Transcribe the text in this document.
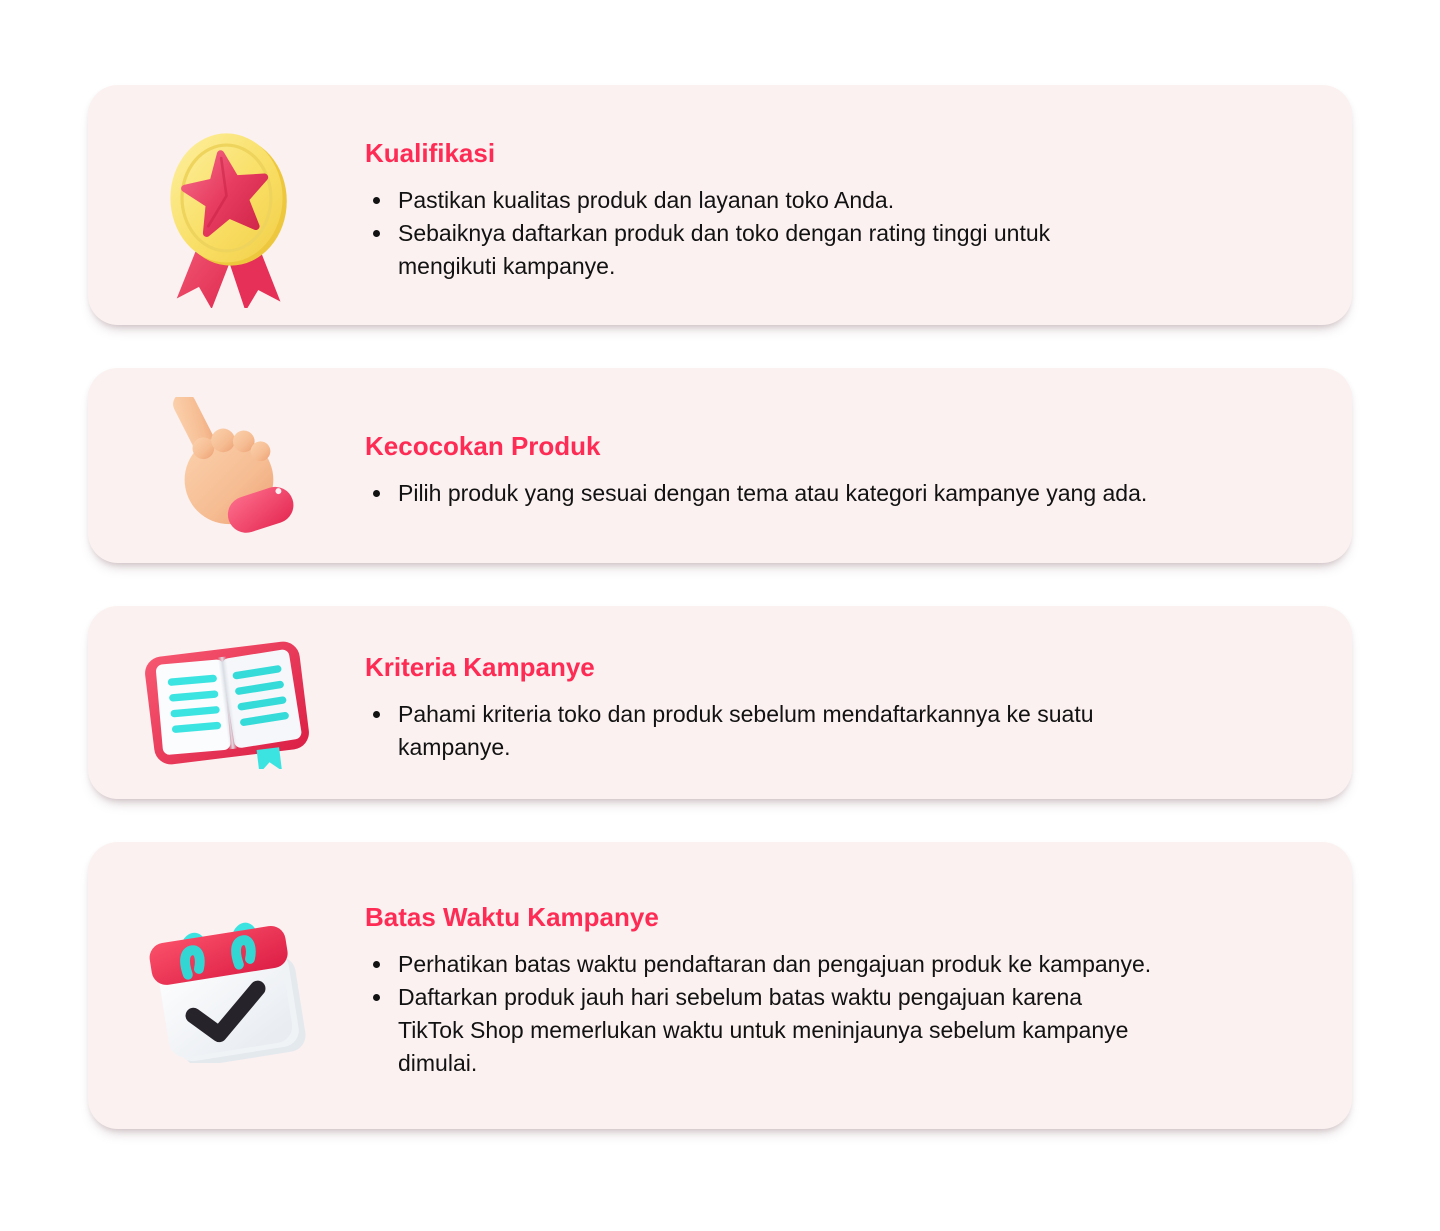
Kualifikasi
Pastikan kualitas produk dan layanan toko Anda.
Sebaiknya daftarkan produk dan toko dengan rating tinggi untuk mengikuti kampanye.
Kecocokan Produk
Pilih produk yang sesuai dengan tema atau kategori kampanye yang ada.
Kriteria Kampanye
Pahami kriteria toko dan produk sebelum mendaftarkannya ke suatu kampanye.
Batas Waktu Kampanye
Perhatikan batas waktu pendaftaran dan pengajuan produk ke kampanye.
Daftarkan produk jauh hari sebelum batas waktu pengajuan karena TikTok Shop memerlukan waktu untuk meninjaunya sebelum kampanye dimulai.
